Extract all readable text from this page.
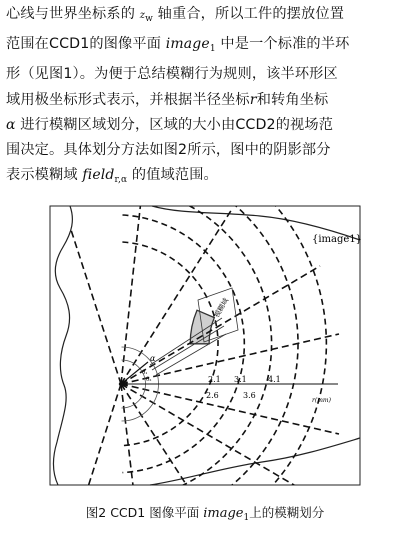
心线与世界坐标系的 zw 轴重合，所以工件的摆放位置
范围在CCD1的图像平面 image$_1$ 中是一个标准的半环
形（见图1）。为便于总结模糊行为规则，该半环形区
域用极坐标形式表示，并根据半径坐标r和转角坐标
α 进行模糊区域划分，区域的大小由CCD2的视场范
围决定。具体划分方法如图2所示，图中的阴影部分
表示模糊域 field$_{r,\alpha}$ 的值域范围。
{image1}
2.1
2.6
3.1
3.6
4.1
r(mm)
模糊域
α
θ₁
θ₂
图2 CCD1 图像平面 image$_1$上的模糊划分
